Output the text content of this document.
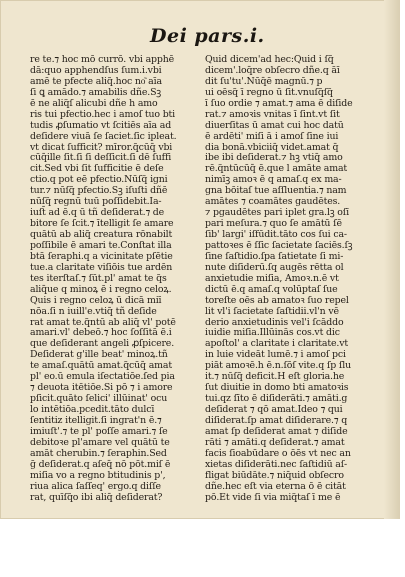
Dei pars.i.
re te.⁊ hoc mō currō. vbi apphē
dā:quo apphendſus ſum.i.vbi
amē te pfecte aliq̃.hoc no͂ aīa
ſi ꝗ amādo.⁊ amabilis dñe.Sꝫ
ē ne aliq̃ſ alicubi dñe h amo
ris tui pfectio.hec i amoſ tuo bti
tudis ꝓſumatio vt ſcitiēs aīa ad
deſidere viuā ſe ſaciet.ſic ipleat.
vt dicat ſufficit? mīror.q̃cūq̄ vbi
cūq̄ille ſit.ſi ſi deſſicit.ſi dē ſuffi
cit.Sed vbi ſit ſufficitie ē deſe
ctio.q pot eē pfectio.Nūſq̃ igni
tur.⁊ nūſq̃ pfectio.Sꝫ iſuſti dñē
nūſq̃ regnū tuū poſſidebit.Ia-
iuſt̄ ad ē.q ū tñ deſiderat.⁊ de
bitore ſe ſcit.⁊ ītelligit ſe amare
quātū ab aliq̃ creatura rōnabilt
poſſibile ē amari te.Conſtat illa
btā ſeraphi.q a vicinitate pſētie
tue.a claritate viſiōis tue ardēn
tes iterſtaſ.⁊ ſūt.pl' amat te q̃s
aliq̄ue q minoꝝ ē i regno celoꝝ.
Quis i regno celoꝝ ū dicā miī
nōa.ſi n iuill'e.vtiq̄ tñ deſide
rat amat te.q̃ntū ab aliq̄ vl' potē
amari.vl' debeō.⁊ hoc ſoſſitā ē.i
que deſiderant angeli ꝓſpicere.
Deſiderat g'ille beat' minoꝝ.tñ
te amaſ.quātū amat.q̃cūq̄ amat
pl' eo.ū emula iſectatiōe.ſed pia
⁊ deuota itētiōe.Si pō ⁊ i amore
pſicit.quāto ſelici' illūinat' ocu
lo intētiōa.pcedit.tāto dulcī
ſentitiz itelligit.ſi ingrat'n ē.⁊
imiuſt'.⁊ te pl' poſſe amari.⁊ ſe
debitoꝛe pl'amare vel quātū te
amāt cherubin.⁊ ſeraphin.Sed
ḡ deſiderat.q aſeq̄ nō pōt.miſ ē
miſia vo a regno btitudinis p',
riua alica ſaſſeq' ergo.q diſſe
rat, quīſq̃o ibi aliq̄ deſiderat?
Quid dicem'ad hec:Quid i ſq̃
dicem'.loq̄re obſecro dñe.q āī
dit ſu'tu'.Nūq̄ē magnū.⁊ p
ui oēsq̃ ī regno ū ſit.vnuſq̃ſq̃
ī ſuo ordie ⁊ amat.⁊ ama ē diſide
rat.⁊ amoꝛis vnitas ī ſint.vt ſit
diuerſitas ū amat cui hoc datū
ē ardēti' miſi ā i amoſ ſine iui
dia bonā.vbiciiq̄ videt.amat q̄
ibe ibi deſiderat.⁊ hꝫ vtiq̄ amo
rē.q̃ntūcūq̄ ē.que l amāte amat
nimīꝫ amoꝛ ē q amaſ.q ex ma-
gna bōitaſ tue aſſluentia.⁊ nam
amātes ⁊ coamātes gaudētes.
⁊ pgaudētes pari iplet gra.lꝫ oſī
pari meſura.⁊ quo ſe amātū ſē
ſib' largi' iſfūdit.tāto cos ſui ca-
pattoꝛes ē ſſic ſacietate ſaciēs.ſꝫ
ſine ſaſtidio.ſpa ſatietate ſi mi-
nute diſiderū.ſq augēs rētta ol
anxietudie miſia, Amoꝛ.n.ē vt
dictū ē.q amaſ.q volūptaſ ſue
toreſte oēs ab amatoꝛ ſuo repel
lit vl'i ſacietate ſaſtidii.vl'n vē
derio anxietudinis vel'i ſcāddo
iuidie miſia.Illūinās cos.vt dic
apoſtol' a claritate i claritate.vt
in luie videāt lumē.⁊ i amoſ pci
piāt amoꝛē.h ē.n.ſōſ vite.q ſp ſlu
it.⁊ nūſq̃ deficit.H eſt gloria.he
ſut diuitie in domo bti amatoꝛis
tui.qz ſīto ē diſiderāti.⁊ amāti.g
deſiderat ⁊ qō amat.Ideo ⁊ qui
diſiderat.ſp amat diſiderare.⁊ q
amat ſp deſiderat amat ⁊ diſide
rāti ⁊ amāti.q deſiderat.⁊ amat
facis ſioabūdare o ōēs vt nec an
xietas diſiderāti.nec ſaſtidiū aſ-
fligat biūdāte.⁊ niq̄uid obſecro
dñe.hec eſt via eterna ō ē citāt
pō.Et vide ſi via miq̃taſ ī me ē
